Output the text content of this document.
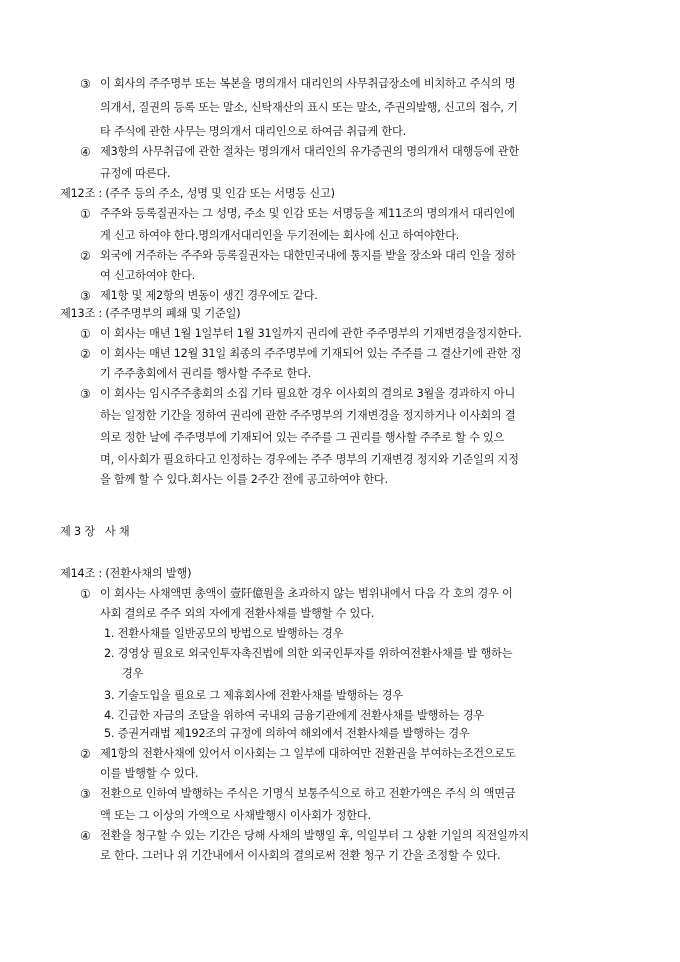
③ 이 회사의 주주명부 또는 복본을 명의개서 대리인의 사무취급장소에 비치하고 주식의 명
의개서, 질권의 등록 또는 말소, 신탁재산의 표시 또는 말소, 주권의발행, 신고의 접수, 기
타 주식에 관한 사무는 명의개서 대리인으로 하여금 취급케 한다.
④ 제3항의 사무취급에 관한 절차는 명의개서 대리인의 유가증권의 명의개서 대행등에 관한
규정에 따른다.
제12조 : (주주 등의 주소, 성명 및 인감 또는 서명등 신고)
① 주주와 등록질권자는 그 성명, 주소 및 인감 또는 서명등을 제11조의 명의개서 대리인에
게 신고 하여야 한다.명의개서대리인을 두기전에는 회사에 신고 하여야한다.
② 외국에 거주하는 주주와 등록질권자는 대한민국내에 통지를 받을 장소와 대리 인을 정하
여 신고하여야 한다.
③ 제1항 및 제2항의 변동이 생긴 경우에도 같다.
제13조 : (주주명부의 폐쇄 및 기준일)
① 이 회사는 매년 1월 1일부터 1월 31일까지 권리에 관한 주주명부의 기재변경을정지한다.
② 이 회사는 매년 12월 31일 최종의 주주명부에 기재되어 있는 주주를 그 결산기에 관한 정
기 주주총회에서 권리를 행사할 주주로 한다.
③ 이 회사는 임시주주총회의 소집 기타 필요한 경우 이사회의 결의로 3월을 경과하지 아니
하는 일정한 기간을 정하여 권리에 관한 주주명부의 기재변경을 정지하거나 이사회의 결
의로 정한 날에 주주명부에 기재되어 있는 주주를 그 권리를 행사할 주주로 할 수 있으
며, 이사회가 필요하다고 인정하는 경우에는 주주 명부의 기재변경 정지와 기준일의 지정
을 함께 할 수 있다.회사는 이를 2주간 전에 공고하여야 한다.
제 3 장   사 채
제14조 : (전환사채의 발행)
① 이 회사는 사채액면 총액이 壹阡億원을 초과하지 않는 범위내에서 다음 각 호의 경우 이
사회 결의로 주주 외의 자에게 전환사채를 발행할 수 있다.
1. 전환사채를 일반공모의 방법으로 발행하는 경우
2. 경영상 필요로 외국인투자촉진법에 의한 외국인투자를 위하여전환사채를 발 행하는
경우
3. 기술도입을 필요로 그 제휴회사에 전환사채를 발행하는 경우
4. 긴급한 자금의 조달을 위하여 국내외 금융기관에게 전환사채를 발행하는 경우
5. 증권거래법 제192조의 규정에 의하여 해외에서 전환사채를 발행하는 경우
② 제1항의 전환사채에 있어서 이사회는 그 일부에 대하여만 전환권을 부여하는조건으로도
이를 발행할 수 있다.
③ 전환으로 인하여 발행하는 주식은 기명식 보통주식으로 하고 전환가액은 주식 의 액면금
액 또는 그 이상의 가액으로 사채발행시 이사회가 정한다.
④ 전환을 청구할 수 있는 기간은 당해 사채의 발행일 후, 익일부터 그 상환 기일의 직전일까지
로 한다. 그러나 위 기간내에서 이사회의 결의로써 전환 청구 기 간을 조정할 수 있다.
